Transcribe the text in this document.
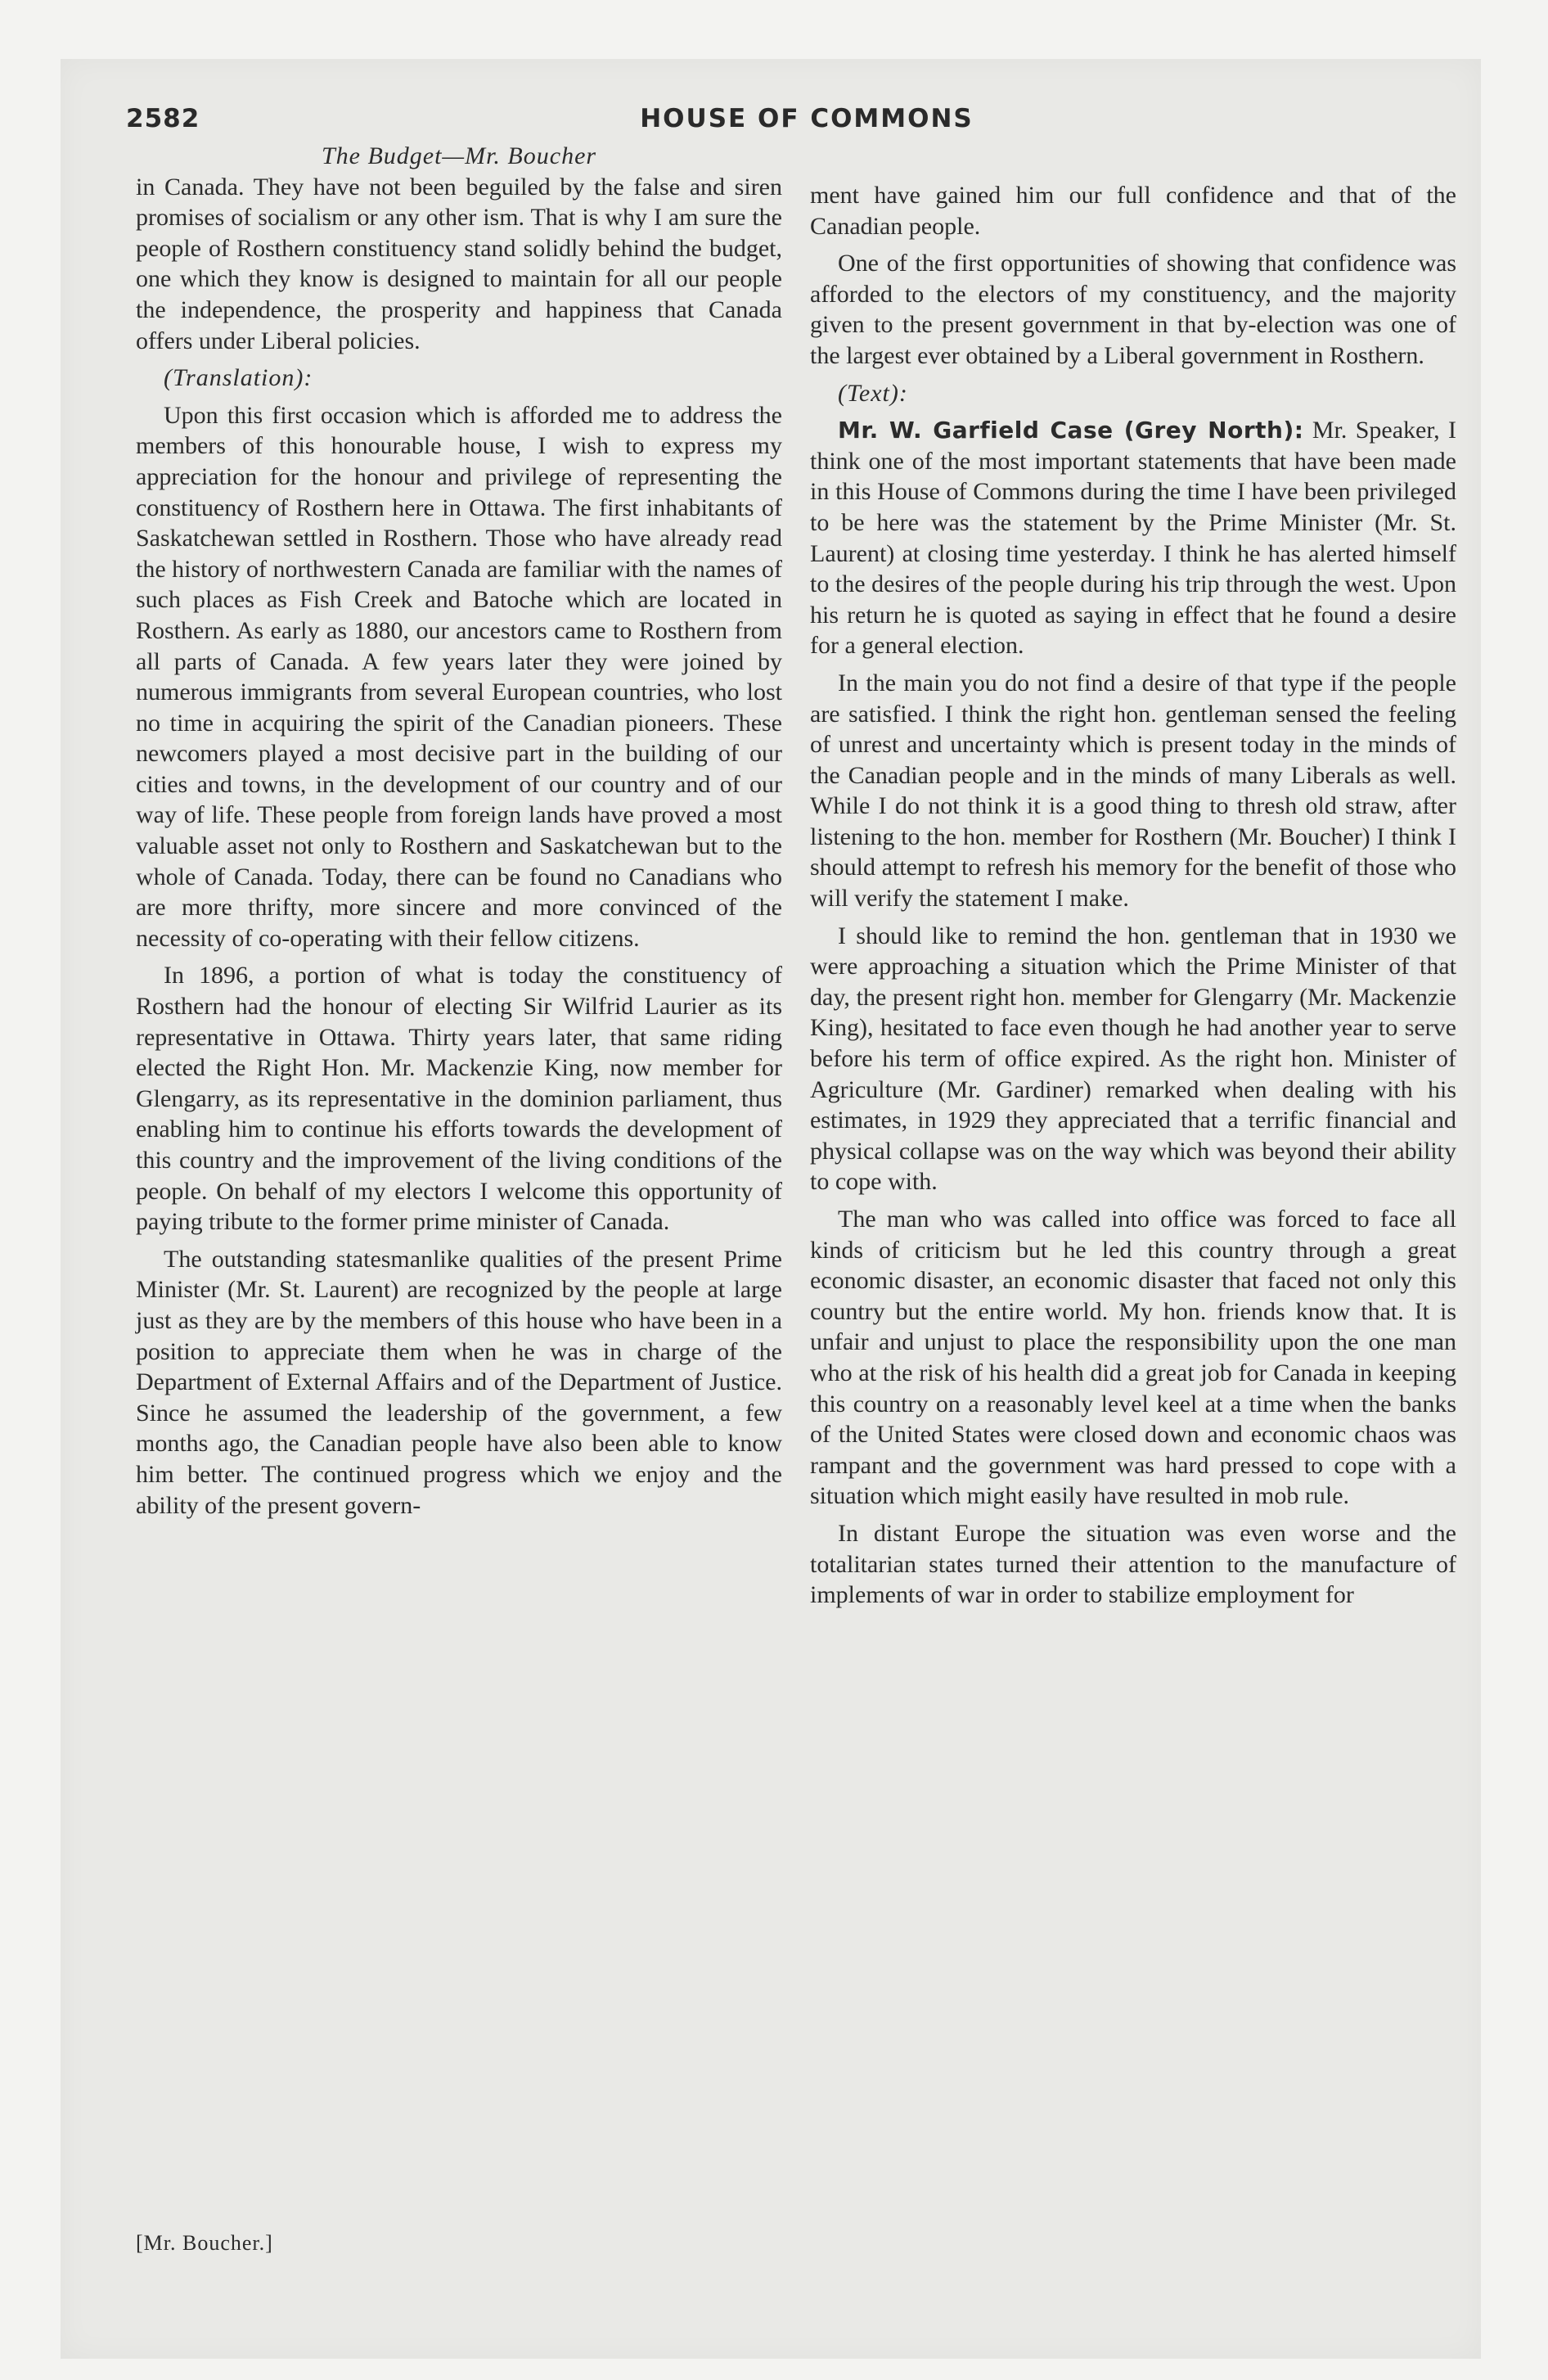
2582	HOUSE OF COMMONS

The Budget—Mr. Boucher

in Canada. They have not been beguiled by the false and siren promises of socialism or any other ism. That is why I am sure the people of Rosthern constituency stand solidly behind the budget, one which they know is designed to maintain for all our people the independence, the prosperity and happiness that Canada offers under Liberal policies.

(Translation):

Upon this first occasion which is afforded me to address the members of this honourable house, I wish to express my appreciation for the honour and privilege of representing the constituency of Rosthern here in Ottawa. The first inhabitants of Saskatchewan settled in Rosthern. Those who have already read the history of northwestern Canada are familiar with the names of such places as Fish Creek and Batoche which are located in Rosthern. As early as 1880, our ancestors came to Rosthern from all parts of Canada. A few years later they were joined by numerous immigrants from several European countries, who lost no time in acquiring the spirit of the Canadian pioneers. These newcomers played a most decisive part in the building of our cities and towns, in the development of our country and of our way of life. These people from foreign lands have proved a most valuable asset not only to Rosthern and Saskatchewan but to the whole of Canada. Today, there can be found no Canadians who are more thrifty, more sincere and more convinced of the necessity of co-operating with their fellow citizens.

In 1896, a portion of what is today the constituency of Rosthern had the honour of electing Sir Wilfrid Laurier as its representative in Ottawa. Thirty years later, that same riding elected the Right Hon. Mr. Mackenzie King, now member for Glengarry, as its representative in the dominion parliament, thus enabling him to continue his efforts towards the development of this country and the improvement of the living conditions of the people. On behalf of my electors I welcome this opportunity of paying tribute to the former prime minister of Canada.

The outstanding statesmanlike qualities of the present Prime Minister (Mr. St. Laurent) are recognized by the people at large just as they are by the members of this house who have been in a position to appreciate them when he was in charge of the Department of External Affairs and of the Department of Justice. Since he assumed the leadership of the government, a few months ago, the Canadian people have also been able to know him better. The continued progress which we enjoy and the ability of the present govern-

ment have gained him our full confidence and that of the Canadian people.

One of the first opportunities of showing that confidence was afforded to the electors of my constituency, and the majority given to the present government in that by-election was one of the largest ever obtained by a Liberal government in Rosthern.

(Text):

Mr. W. Garfield Case (Grey North): Mr. Speaker, I think one of the most important statements that have been made in this House of Commons during the time I have been privileged to be here was the statement by the Prime Minister (Mr. St. Laurent) at closing time yesterday. I think he has alerted himself to the desires of the people during his trip through the west. Upon his return he is quoted as saying in effect that he found a desire for a general election.

In the main you do not find a desire of that type if the people are satisfied. I think the right hon. gentleman sensed the feeling of unrest and uncertainty which is present today in the minds of the Canadian people and in the minds of many Liberals as well. While I do not think it is a good thing to thresh old straw, after listening to the hon. member for Rosthern (Mr. Boucher) I think I should attempt to refresh his memory for the benefit of those who will verify the statement I make.

I should like to remind the hon. gentleman that in 1930 we were approaching a situation which the Prime Minister of that day, the present right hon. member for Glengarry (Mr. Mackenzie King), hesitated to face even though he had another year to serve before his term of office expired. As the right hon. Minister of Agriculture (Mr. Gardiner) remarked when dealing with his estimates, in 1929 they appreciated that a terrific financial and physical collapse was on the way which was beyond their ability to cope with.

The man who was called into office was forced to face all kinds of criticism but he led this country through a great economic disaster, an economic disaster that faced not only this country but the entire world. My hon. friends know that. It is unfair and unjust to place the responsibility upon the one man who at the risk of his health did a great job for Canada in keeping this country on a reasonably level keel at a time when the banks of the United States were closed down and economic chaos was rampant and the government was hard pressed to cope with a situation which might easily have resulted in mob rule.

In distant Europe the situation was even worse and the totalitarian states turned their attention to the manufacture of implements of war in order to stabilize employment for

[Mr. Boucher.]
